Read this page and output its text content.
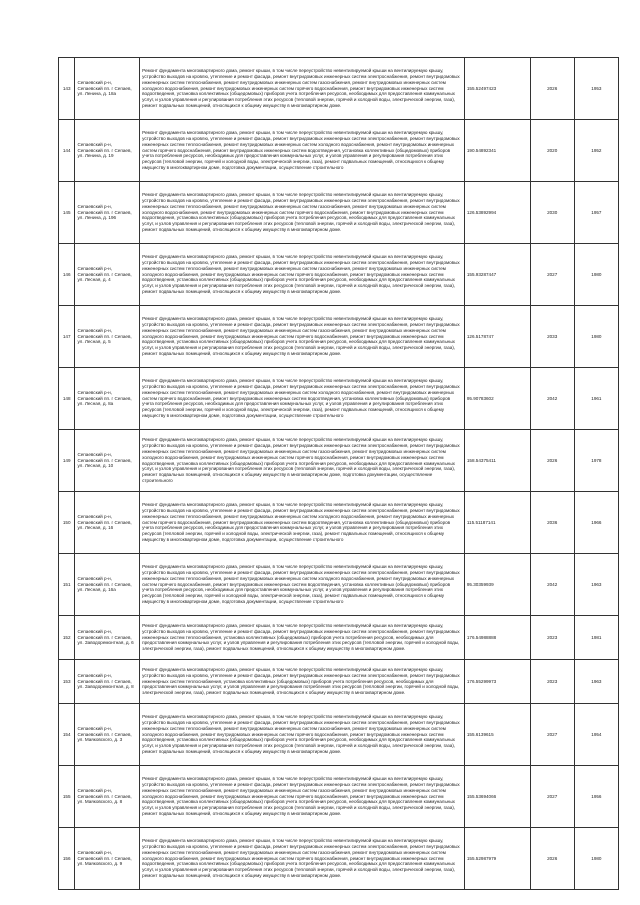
143	Сепаевский р-н, Сепаевский пп. г Сепаев, ул. Ленина, д. 18а	Ремонт фундамента многоквартирного дома, ремонт крыши, в том числе переустройство невентилируемой крыши на вентилируемую крышу, устройство выходов на кровлю, утепление и ремонт фасада, ремонт внутридомовых инженерных систем электроснабжения, ремонт внутридомовых инженерных систем теплоснабжения, ремонт внутридомовых инженерных систем газоснабжения, ремонт внутридомовых инженерных систем холодного водоснабжения, ремонт внутридомовых инженерных систем горячего водоснабжения, ремонт внутридомовых инженерных систем водоотведения, установка коллективных (общедомовых) приборов учета потребления ресурсов, необходимых для предоставления коммунальных услуг, и узлов управления и регулирования потребления этих ресурсов (тепловой энергии, горячей и холодной воды, электрической энергии, газа), ремонт подвальных помещений, относящихся к общему имуществу в многоквартирном доме.	155.52497423	2026	1953
144	Сепаевский р-н, Сепаевский пп. г Сепаев, ул. Ленина, д. 19	Ремонт фундамента многоквартирного дома, ремонт крыши, в том числе переустройство невентилируемой крыши на вентилируемую крышу, устройство выходов на кровлю, утепление и ремонт фасада, ремонт внутридомовых инженерных систем электроснабжения, ремонт внутридомовых инженерных систем теплоснабжения, ремонт внутридомовых инженерных систем холодного водоснабжения, ремонт внутридомовых инженерных систем горячего водоснабжения, ремонт внутридомовых инженерных систем водоотведения, установка коллективных (общедомовых) приборов учета потребления ресурсов, необходимых для предоставления коммунальных услуг, и узлов управления и регулирования потребления этих ресурсов (тепловой энергии, горячей и холодной воды, электрической энергии, газа), ремонт подвальных помещений, относящихся к общему имуществу в многоквартирном доме, подготовка документации, осуществление строительного	190.54892341	2020	1952
145	Сепаевский р-н, Сепаевский пп. г Сепаев, ул. Ленина, д. 196	Ремонт фундамента многоквартирного дома, ремонт крыши, в том числе переустройство невентилируемой крыши на вентилируемую крышу, устройство выходов на кровлю, утепление и ремонт фасада, ремонт внутридомовых инженерных систем электроснабжения, ремонт внутридомовых инженерных систем теплоснабжения, ремонт внутридомовых инженерных систем газоснабжения, ремонт внутридомовых инженерных систем холодного водоснабжения, ремонт внутридомовых инженерных систем горячего водоснабжения, ремонт внутридомовых инженерных систем водоотведения, установка коллективных (общедомовых) приборов учета потребления ресурсов, необходимых для предоставления коммунальных услуг, и узлов управления и регулирования потребления этих ресурсов (тепловой энергии, горячей и холодной воды, электрической энергии, газа), ремонт подвальных помещений, относящихся к общему имуществу в многоквартирном доме.	126.53892994	2030	1957
146	Сепаевский р-н, Сепаевский пп. г Сепаев, ул. Лесная, д. 4	Ремонт фундамента многоквартирного дома, ремонт крыши, в том числе переустройство невентилируемой крыши на вентилируемую крышу, устройство выходов на кровлю, утепление и ремонт фасада, ремонт внутридомовых инженерных систем электроснабжения, ремонт внутридомовых инженерных систем теплоснабжения, ремонт внутридомовых инженерных систем газоснабжения, ремонт внутридомовых инженерных систем холодного водоснабжения, ремонт внутридомовых инженерных систем горячего водоснабжения, ремонт внутридомовых инженерных систем водоотведения, установка коллективных (общедомовых) приборов учета потребления ресурсов, необходимых для предоставления коммунальных услуг, и узлов управления и регулирования потребления этих ресурсов (тепловой энергии, горячей и холодной воды, электрической энергии, газа), ремонт подвальных помещений, относящихся к общему имуществу в многоквартирном доме.	155.93287447	2027	1980
147	Сепаевский р-н, Сепаевский пп. г Сепаев, ул. Лесная, д. 5	Ремонт фундамента многоквартирного дома, ремонт крыши, в том числе переустройство невентилируемой крыши на вентилируемую крышу, устройство выходов на кровлю, утепление и ремонт фасада, ремонт внутридомовых инженерных систем электроснабжения, ремонт внутридомовых инженерных систем теплоснабжения, ремонт внутридомовых инженерных систем газоснабжения, ремонт внутридомовых инженерных систем холодного водоснабжения, ремонт внутридомовых инженерных систем горячего водоснабжения, ремонт внутридомовых инженерных систем водоотведения, установка коллективных (общедомовых) приборов учета потребления ресурсов, необходимых для предоставления коммунальных услуг, и узлов управления и регулирования потребления этих ресурсов (тепловой энергии, горячей и холодной воды, электрической энергии, газа), ремонт подвальных помещений, относящихся к общему имуществу в многоквартирном доме.	126.5178747	2033	1980
148	Сепаевский р-н, Сепаевский пп. г Сепаев, ул. Лесная, д. 8а	Ремонт фундамента многоквартирного дома, ремонт крыши, в том числе переустройство невентилируемой крыши на вентилируемую крышу, устройство выходов на кровлю, утепление и ремонт фасада, ремонт внутридомовых инженерных систем электроснабжения, ремонт внутридомовых инженерных систем теплоснабжения, ремонт внутридомовых инженерных систем холодного водоснабжения, ремонт внутридомовых инженерных систем горячего водоснабжения, ремонт внутридомовых инженерных систем водоотведения, установка коллективных (общедомовых) приборов учета потребления ресурсов, необходимых для предоставления коммунальных услуг, и узлов управления и регулирования потребления этих ресурсов (тепловой энергии, горячей и холодной воды, электрической энергии, газа), ремонт подвальных помещений, относящихся к общему имуществу в многоквартирном доме, подготовка документации, осуществление строительного	95.90783602	2042	1961
149	Сепаевский р-н, Сепаевский пп. г Сепаев, ул. Лесная, д. 10	Ремонт фундамента многоквартирного дома, ремонт крыши, в том числе переустройство невентилируемой крыши на вентилируемую крышу, устройство выходов на кровлю, утепление и ремонт фасада, ремонт внутридомовых инженерных систем электроснабжения, ремонт внутридомовых инженерных систем теплоснабжения, ремонт внутридомовых инженерных систем газоснабжения, ремонт внутридомовых инженерных систем холодного водоснабжения, ремонт внутридомовых инженерных систем горячего водоснабжения, ремонт внутридомовых инженерных систем водоотведения, установка коллективных (общедомовых) приборов учета потребления ресурсов, необходимых для предоставления коммунальных услуг, и узлов управления и регулирования потребления этих ресурсов (тепловой энергии, горячей и холодной воды, электрической энергии, газа), ремонт подвальных помещений, относящихся к общему имуществу в многоквартирном доме, подготовка документации, осуществление строительного	158.54375411	2026	1978
150	Сепаевский р-н, Сепаевский пп. г Сепаев, ул. Лесная, д. 16	Ремонт фундамента многоквартирного дома, ремонт крыши, в том числе переустройство невентилируемой крыши на вентилируемую крышу, устройство выходов на кровлю, утепление и ремонт фасада, ремонт внутридомовых инженерных систем электроснабжения, ремонт внутридомовых инженерных систем теплоснабжения, ремонт внутридомовых инженерных систем холодного водоснабжения, ремонт внутридомовых инженерных систем горячего водоснабжения, ремонт внутридомовых инженерных систем водоотведения, установка коллективных (общедомовых) приборов учета потребления ресурсов, необходимых для предоставления коммунальных услуг, и узлов управления и регулирования потребления этих ресурсов (тепловой энергии, горячей и холодной воды, электрической энергии, газа), ремонт подвальных помещений, относящихся к общему имуществу в многоквартирном доме, подготовка документации, осуществление строительного	115.51187141	2036	1966
151	Сепаевский р-н, Сепаевский пп. г Сепаев, ул. Лесная, д. 16а	Ремонт фундамента многоквартирного дома, ремонт крыши, в том числе переустройство невентилируемой крыши на вентилируемую крышу, устройство выходов на кровлю, утепление и ремонт фасада, ремонт внутридомовых инженерных систем электроснабжения, ремонт внутридомовых инженерных систем теплоснабжения, ремонт внутридомовых инженерных систем холодного водоснабжения, ремонт внутридомовых инженерных систем горячего водоснабжения, ремонт внутридомовых инженерных систем водоотведения, установка коллективных (общедомовых) приборов учета потребления ресурсов, необходимых для предоставления коммунальных услуг, и узлов управления и регулирования потребления этих ресурсов (тепловой энергии, горячей и холодной воды, электрической энергии, газа), ремонт подвальных помещений, относящихся к общему имуществу в многоквартирном доме, подготовка документации, осуществление строительного	95.30359939	2042	1963
152	Сепаевский р-н, Сепаевский пп. г Сепаев, ул. Заводоремонтная, д. 6	Ремонт фундамента многоквартирного дома, ремонт крыши, в том числе переустройство невентилируемой крыши на вентилируемую крышу, устройство выходов на кровлю, утепление и ремонт фасада, ремонт внутридомовых инженерных систем электроснабжения, ремонт внутридомовых инженерных систем теплоснабжения, установка коллективных (общедомовых) приборов учета потребления ресурсов, необходимых для предоставления коммунальных услуг, и узлов управления и регулирования потребления этих ресурсов (тепловой энергии, горячей и холодной воды, электрической энергии, газа), ремонт подвальных помещений, относящихся к общему имуществу в многоквартирном доме.	176.54988888	2023	1981
153	Сепаевский р-н, Сепаевский пп. г Сепаев, ул. Заводоремонтная, д. 8	Ремонт фундамента многоквартирного дома, ремонт крыши, в том числе переустройство невентилируемой крыши на вентилируемую крышу, устройство выходов на кровлю, утепление и ремонт фасада, ремонт внутридомовых инженерных систем электроснабжения, ремонт внутридомовых инженерных систем теплоснабжения, установка коллективных (общедомовых) приборов учета потребления ресурсов, необходимых для предоставления коммунальных услуг, и узлов управления и регулирования потребления этих ресурсов (тепловой энергии, горячей и холодной воды, электрической энергии, газа), ремонт подвальных помещений, относящихся к общему имуществу в многоквартирном доме.	176.55299973	2023	1963
154	Сепаевский р-н, Сепаевский пп. г Сепаев, ул. Маяковского, д. 3	Ремонт фундамента многоквартирного дома, ремонт крыши, в том числе переустройство невентилируемой крыши на вентилируемую крышу, устройство выходов на кровлю, утепление и ремонт фасада, ремонт внутридомовых инженерных систем электроснабжения, ремонт внутридомовых инженерных систем теплоснабжения, ремонт внутридомовых инженерных систем газоснабжения, ремонт внутридомовых инженерных систем холодного водоснабжения, ремонт внутридомовых инженерных систем горячего водоснабжения, ремонт внутридомовых инженерных систем водоотведения, установка коллективных (общедомовых) приборов учета потребления ресурсов, необходимых для предоставления коммунальных услуг, и узлов управления и регулирования потребления этих ресурсов (тепловой энергии, горячей и холодной воды, электрической энергии, газа), ремонт подвальных помещений, относящихся к общему имуществу в многоквартирном доме.	155.6139615	2027	1954
155	Сепаевский р-н, Сепаевский пп. г Сепаев, ул. Маяковского, д. 8	Ремонт фундамента многоквартирного дома, ремонт крыши, в том числе переустройство невентилируемой крыши на вентилируемую крышу, устройство выходов на кровлю, утепление и ремонт фасада, ремонт внутридомовых инженерных систем электроснабжения, ремонт внутридомовых инженерных систем теплоснабжения, ремонт внутридомовых инженерных систем газоснабжения, ремонт внутридомовых инженерных систем холодного водоснабжения, ремонт внутридомовых инженерных систем горячего водоснабжения, ремонт внутридомовых инженерных систем водоотведения, установка коллективных (общедомовых) приборов учета потребления ресурсов, необходимых для предоставления коммунальных услуг, и узлов управления и регулирования потребления этих ресурсов (тепловой энергии, горячей и холодной воды, электрической энергии, газа), ремонт подвальных помещений, относящихся к общему имуществу в многоквартирном доме.	155.53694066	2027	1956
156	Сепаевский р-н, Сепаевский пп. г Сепаев, ул. Маяковского, д. 9	Ремонт фундамента многоквартирного дома, ремонт крыши, в том числе переустройство невентилируемой крыши на вентилируемую крышу, устройство выходов на кровлю, утепление и ремонт фасада, ремонт внутридомовых инженерных систем электроснабжения, ремонт внутридомовых инженерных систем теплоснабжения, ремонт внутридомовых инженерных систем газоснабжения, ремонт внутридомовых инженерных систем холодного водоснабжения, ремонт внутридомовых инженерных систем горячего водоснабжения, ремонт внутридомовых инженерных систем водоотведения, установка коллективных (общедомовых) приборов учета потребления ресурсов, необходимых для предоставления коммунальных услуг, и узлов управления и регулирования потребления этих ресурсов (тепловой энергии, горячей и холодной воды, электрической энергии, газа), ремонт подвальных помещений, относящихся к общему имуществу в многоквартирном доме.	155.52987979	2026	1980
